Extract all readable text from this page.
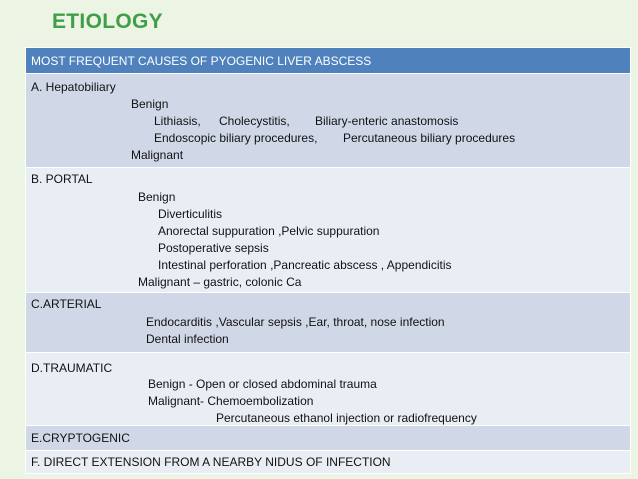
ETIOLOGY
MOST FREQUENT CAUSES OF PYOGENIC LIVER ABSCESS
A. Hepatobiliary
Benign
Lithiasis, Cholecystitis, Biliary-enteric anastomosis
Endoscopic biliary procedures, Percutaneous biliary procedures
Malignant
B. PORTAL
Benign
Diverticulitis
Anorectal suppuration ,Pelvic suppuration
Postoperative sepsis
Intestinal perforation ,Pancreatic abscess , Appendicitis
Malignant – gastric, colonic Ca
C.ARTERIAL
Endocarditis ,Vascular sepsis ,Ear, throat, nose infection
Dental infection
D.TRAUMATIC
Benign - Open or closed abdominal trauma
Malignant- Chemoembolization
Percutaneous ethanol injection or radiofrequency
E.CRYPTOGENIC
F. DIRECT EXTENSION FROM A NEARBY NIDUS OF INFECTION
